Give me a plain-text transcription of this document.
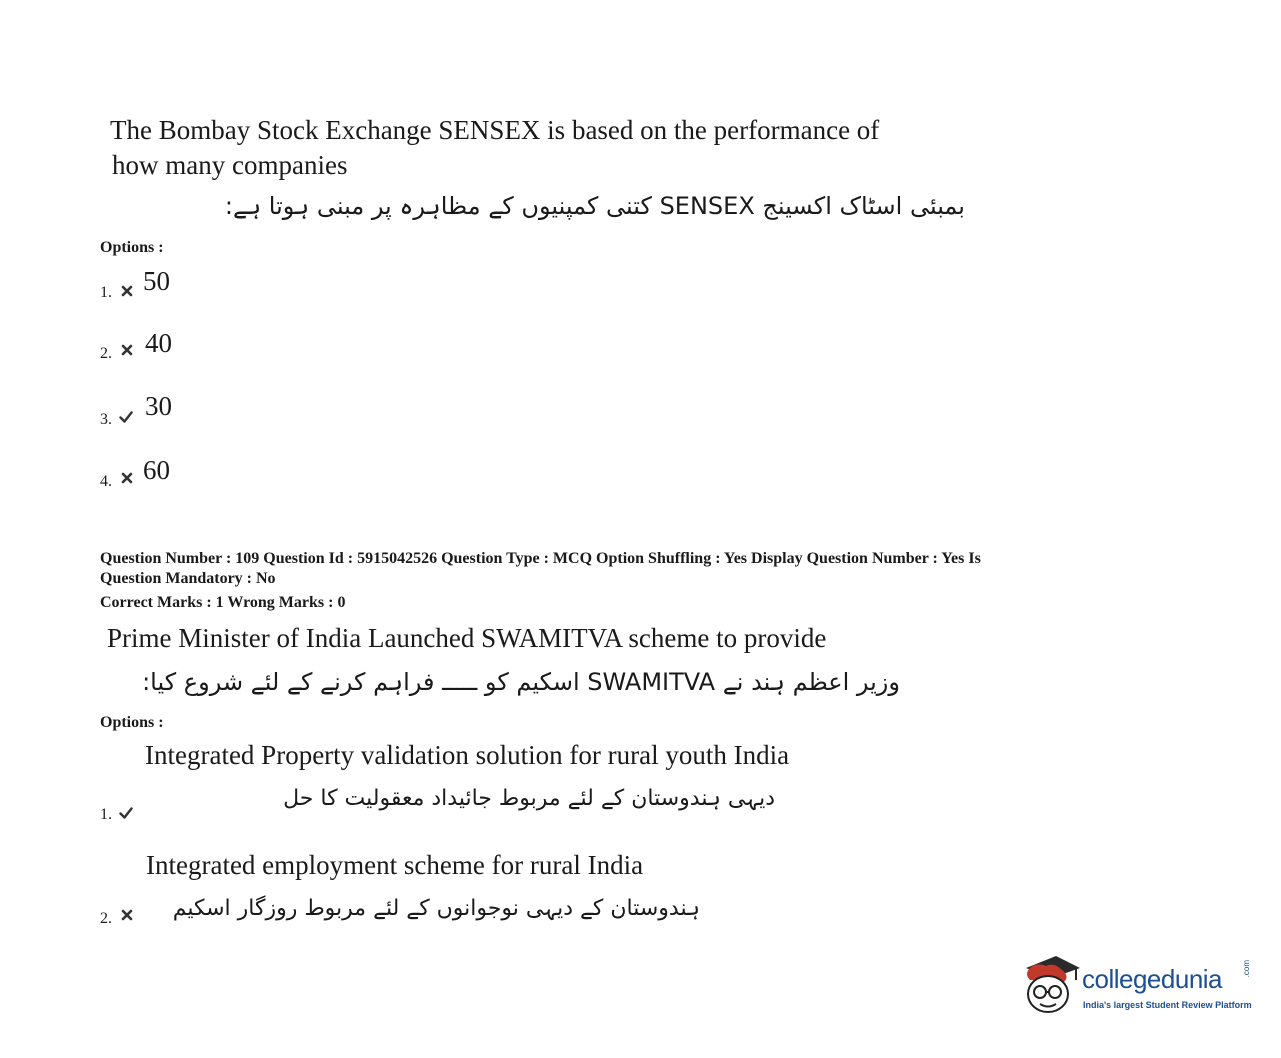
The Bombay Stock Exchange SENSEX is based on the performance of
how many companies
بمبئی اسٹاک اکسینج SENSEX کتنی کمپنیوں کے مظاہرہ پر مبنی ہوتا ہے:
Options :
1. 50
2. 40
3. 30
4. 60
Question Number : 109 Question Id : 5915042526 Question Type : MCQ Option Shuffling : Yes Display Question Number : Yes Is
Question Mandatory : No
Correct Marks : 1 Wrong Marks : 0
Prime Minister of India Launched SWAMITVA scheme to provide
وزیر اعظم ہند نے SWAMITVA اسکیم کو ـــــ فراہم کرنے کے لئے شروع کیا:
Options :
Integrated Property validation solution for rural youth India
دیہی ہندوستان کے لئے مربوط جائیداد معقولیت کا حل
1.
Integrated employment scheme for rural India
ہندوستان کے دیہی نوجوانوں کے لئے مربوط روزگار اسکیم
2.
collegedunia .com
India's largest Student Review Platform
